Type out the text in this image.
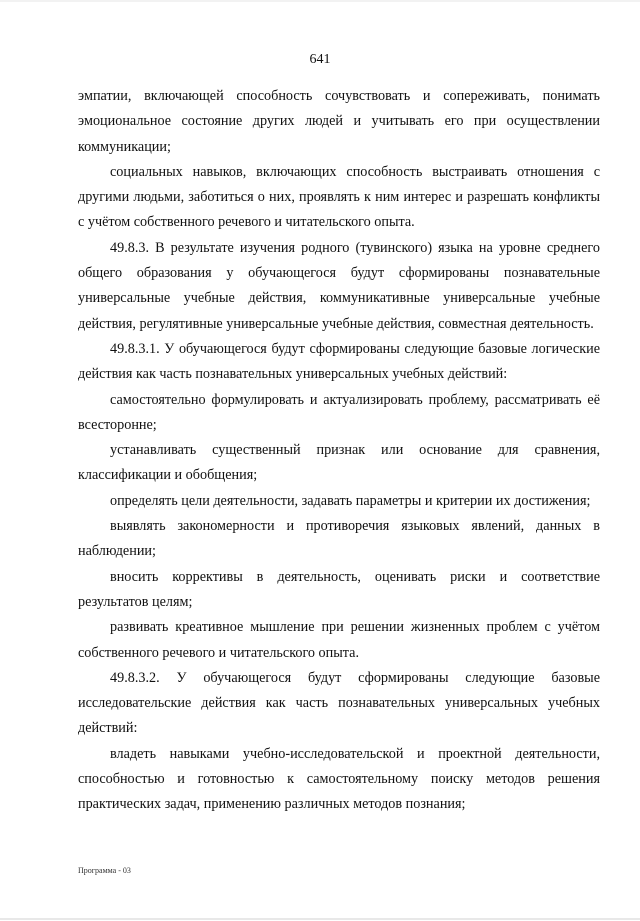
641

эмпатии, включающей способность сочувствовать и сопереживать, понимать эмоциональное состояние других людей и учитывать его при осуществлении коммуникации;

социальных навыков, включающих способность выстраивать отношения с другими людьми, заботиться о них, проявлять к ним интерес и разрешать конфликты с учётом собственного речевого и читательского опыта.

49.8.3. В результате изучения родного (тувинского) языка на уровне среднего общего образования у обучающегося будут сформированы познавательные универсальные учебные действия, коммуникативные универсальные учебные действия, регулятивные универсальные учебные действия, совместная деятельность.

49.8.3.1. У обучающегося будут сформированы следующие базовые логические действия как часть познавательных универсальных учебных действий:

самостоятельно формулировать и актуализировать проблему, рассматривать её всесторонне;

устанавливать существенный признак или основание для сравнения, классификации и обобщения;

определять цели деятельности, задавать параметры и критерии их достижения;

выявлять закономерности и противоречия языковых явлений, данных в наблюдении;

вносить коррективы в деятельность, оценивать риски и соответствие результатов целям;

развивать креативное мышление при решении жизненных проблем с учётом собственного речевого и читательского опыта.

49.8.3.2. У обучающегося будут сформированы следующие базовые исследовательские действия как часть познавательных универсальных учебных действий:

владеть навыками учебно-исследовательской и проектной деятельности, способностью и готовностью к самостоятельному поиску методов решения практических задач, применению различных методов познания;

Программа - 03
